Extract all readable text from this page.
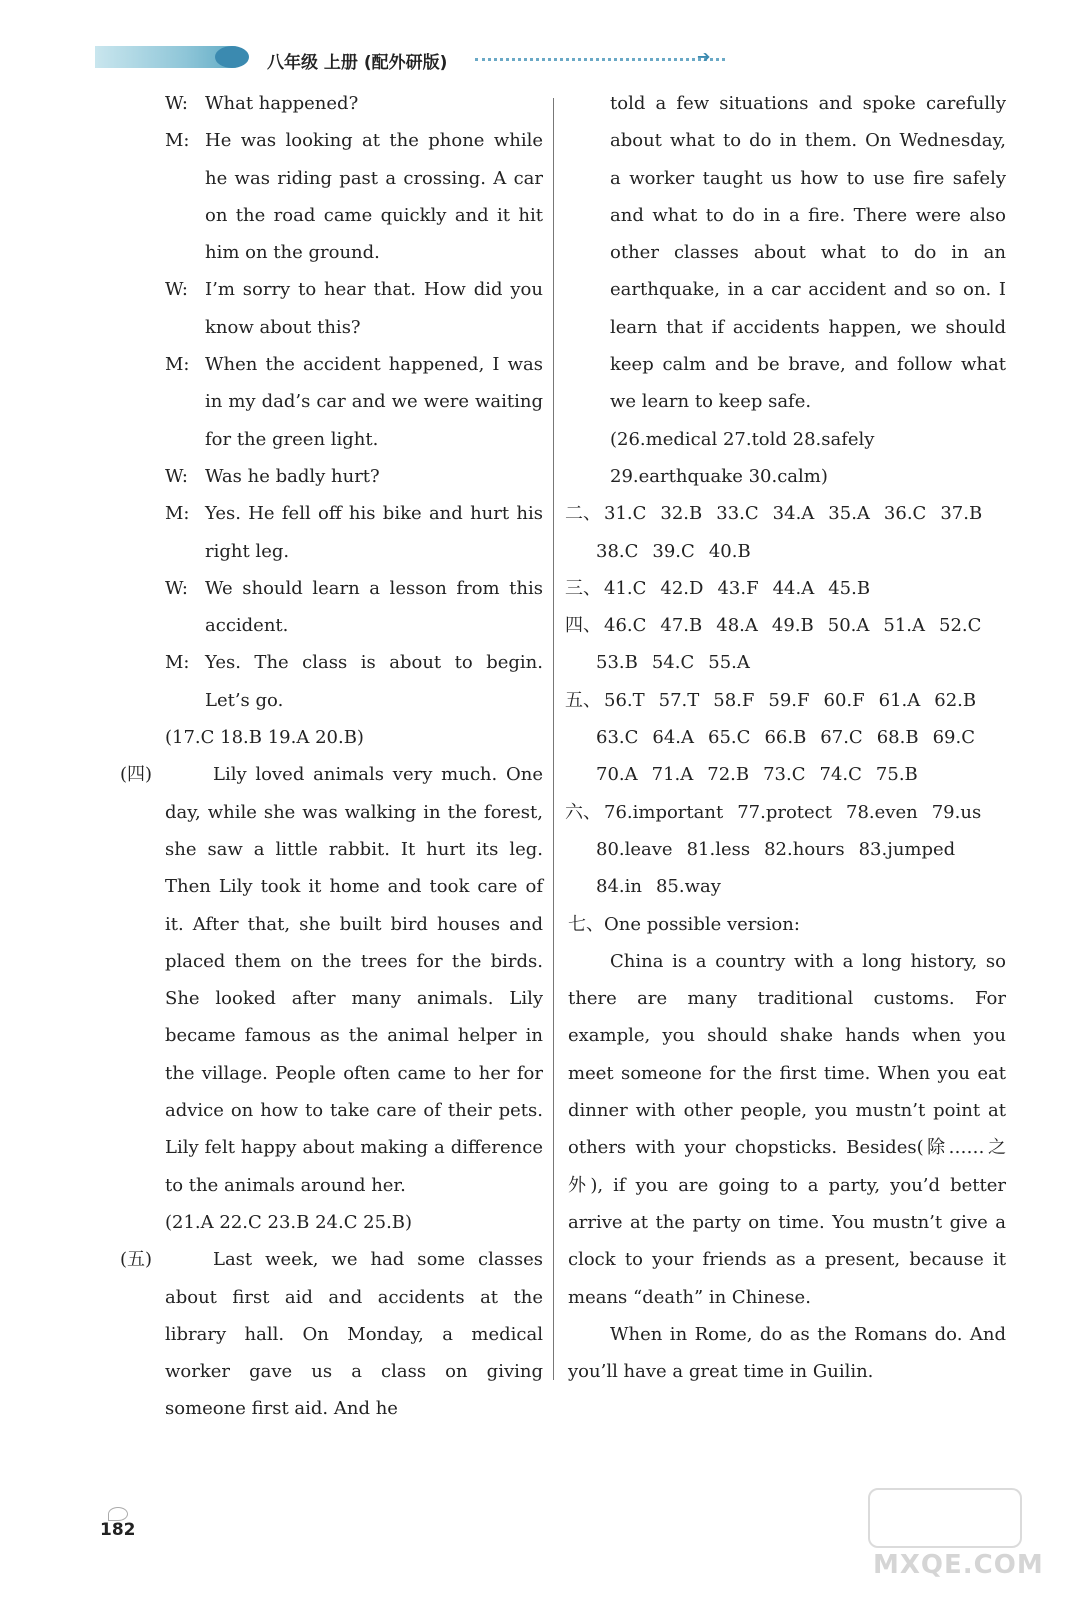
八年级 上册 (配外研版)	➔

W: What happened?

M: He was looking at the phone while he was riding past a crossing. A car on the road came quickly and it hit him on the ground.

W: I’m sorry to hear that. How did you know about this?

M: When the accident happened, I was in my dad’s car and we were waiting for the green light.

W: Was he badly hurt?

M: Yes. He fell off his bike and hurt his right leg.

W: We should learn a lesson from this accident.

M: Yes. The class is about to begin. Let’s go.

(17.C 18.B 19.A 20.B)

(四)	Lily loved animals very much. One day, while she was walking in the forest, she saw a little rabbit. It hurt its leg. Then Lily took it home and took care of it. After that, she built bird houses and placed them on the trees for the birds. She looked after many animals. Lily became famous as the animal helper in the village. People often came to her for advice on how to take care of their pets. Lily felt happy about making a difference to the animals around her.

(21.A 22.C 23.B 24.C 25.B)

(五)	Last week, we had some classes about first aid and accidents at the library hall. On Monday, a medical worker gave us a class on giving someone first aid. And he

told a few situations and spoke carefully about what to do in them. On Wednesday, a worker taught us how to use fire safely and what to do in a fire. There were also other classes about what to do in an earthquake, in a car accident and so on. I learn that if accidents happen, we should keep calm and be brave, and follow what we learn to keep safe.

(26.medical 27.told 28.safely

29.earthquake 30.calm)

二、 31.C 32.B 33.C 34.A 35.A 36.C 37.B
38.C 39.C 40.B
三、 41.C 42.D 43.F 44.A 45.B
四、 46.C 47.B 48.A 49.B 50.A 51.A 52.C
53.B 54.C 55.A
五、 56.T 57.T 58.F 59.F 60.F 61.A 62.B
63.C 64.A 65.C 66.B 67.C 68.B 69.C
70.A 71.A 72.B 73.C 74.C 75.B
六、 76.important 77.protect 78.even 79.us
80.leave 81.less 82.hours 83.jumped
84.in 85.way

七、One possible version:

China is a country with a long history, so there are many traditional customs. For example, you should shake hands when you meet someone for the first time. When you eat dinner with other people, you mustn’t point at others with your chopsticks. Besides(除……之外), if you are going to a party, you’d better arrive at the party on time. You mustn’t give a clock to your friends as a present, because it means “death” in Chinese.

When in Rome, do as the Romans do. And you’ll have a great time in Guilin.

182
MXQE.COM
